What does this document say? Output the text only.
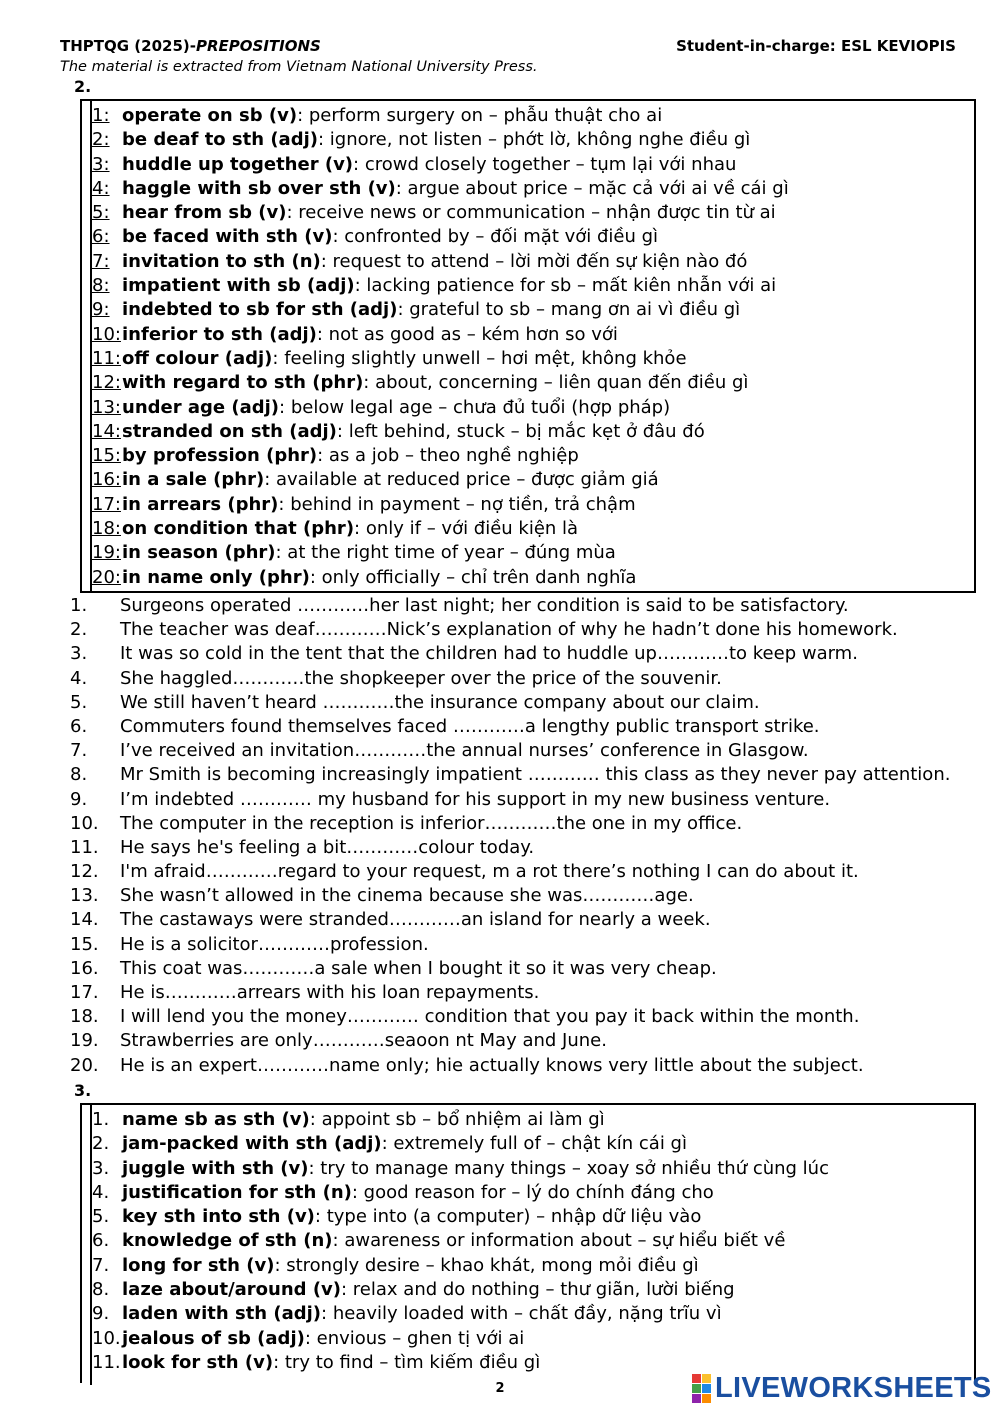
THPTQG (2025)-PREPOSITIONS	Student-in-charge: ESL KEVIOPIS
The material is extracted from Vietnam National University Press.
2.
1: operate on sb (v): perform surgery on – phẫu thuật cho ai
2: be deaf to sth (adj): ignore, not listen – phớt lờ, không nghe điều gì
3: huddle up together (v): crowd closely together – tụm lại với nhau
4: haggle with sb over sth (v): argue about price – mặc cả với ai về cái gì
5: hear from sb (v): receive news or communication – nhận được tin từ ai
6: be faced with sth (v): confronted by – đối mặt với điều gì
7: invitation to sth (n): request to attend – lời mời đến sự kiện nào đó
8: impatient with sb (adj): lacking patience for sb – mất kiên nhẫn với ai
9: indebted to sb for sth (adj): grateful to sb – mang ơn ai vì điều gì
10: inferior to sth (adj): not as good as – kém hơn so với
11: off colour (adj): feeling slightly unwell – hơi mệt, không khỏe
12: with regard to sth (phr): about, concerning – liên quan đến điều gì
13: under age (adj): below legal age – chưa đủ tuổi (hợp pháp)
14: stranded on sth (adj): left behind, stuck – bị mắc kẹt ở đâu đó
15: by profession (phr): as a job – theo nghề nghiệp
16: in a sale (phr): available at reduced price – được giảm giá
17: in arrears (phr): behind in payment – nợ tiền, trả chậm
18: on condition that (phr): only if – với điều kiện là
19: in season (phr): at the right time of year – đúng mùa
20: in name only (phr): only officially – chỉ trên danh nghĩa
1.	Surgeons operated …………her last night; her condition is said to be satisfactory.
2.	The teacher was deaf…………Nick’s explanation of why he hadn’t done his homework.
3.	It was so cold in the tent that the children had to huddle up…………to keep warm.
4.	She haggled…………the shopkeeper over the price of the souvenir.
5.	We still haven’t heard …………the insurance company about our claim.
6.	Commuters found themselves faced …………a lengthy public transport strike.
7.	I’ve received an invitation…………the annual nurses’ conference in Glasgow.
8.	Mr Smith is becoming increasingly impatient ………… this class as they never pay attention.
9.	I’m indebted ………… my husband for his support in my new business venture.
10. The computer in the reception is inferior…………the one in my office.
11. He says he's feeling a bit…………colour today.
12. I'm afraid…………regard to your request, m a rot there’s nothing I can do about it.
13. She wasn’t allowed in the cinema because she was…………age.
14. The castaways were stranded…………an island for nearly a week.
15. He is a solicitor…………profession.
16. This coat was…………a sale when I bought it so it was very cheap.
17. He is…………arrears with his loan repayments.
18. I will lend you the money………… condition that you pay it back within the month.
19. Strawberries are only…………seaoon nt May and June.
20. He is an expert…………name only; hie actually knows very little about the subject.
3.
1. name sb as sth (v): appoint sb – bổ nhiệm ai làm gì
2. jam-packed with sth (adj): extremely full of – chật kín cái gì
3. juggle with sth (v): try to manage many things – xoay sở nhiều thứ cùng lúc
4. justification for sth (n): good reason for – lý do chính đáng cho
5. key sth into sth (v): type into (a computer) – nhập dữ liệu vào
6. knowledge of sth (n): awareness or information about – sự hiểu biết về
7. long for sth (v): strongly desire – khao khát, mong mỏi điều gì
8. laze about/around (v): relax and do nothing – thư giãn, lười biếng
9. laden with sth (adj): heavily loaded with – chất đầy, nặng trĩu vì
10. jealous of sb (adj): envious – ghen tị với ai
11. look for sth (v): try to find – tìm kiếm điều gì
2	LIVEWORKSHEETS
